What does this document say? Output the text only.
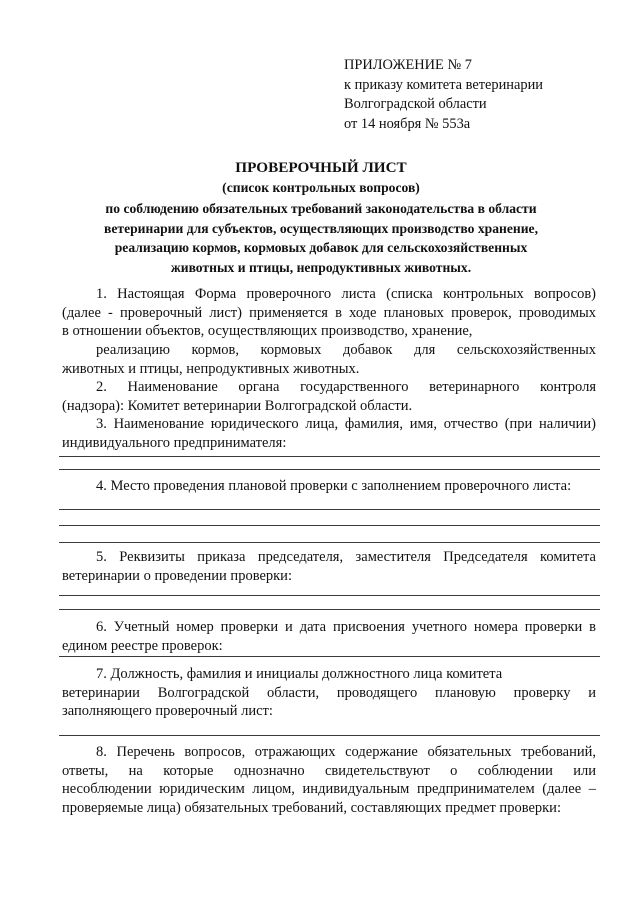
ПРИЛОЖЕНИЕ № 7
к приказу комитета ветеринарии
Волгоградской области
от 14 ноября № 553а
ПРОВЕРОЧНЫЙ ЛИСТ
(список контрольных вопросов)
по соблюдению обязательных требований законодательства в области
ветеринарии для субъектов, осуществляющих производство хранение,
реализацию кормов, кормовых добавок для сельскохозяйственных
животных и птицы, непродуктивных животных.
1. Настоящая Форма проверочного листа (списка контрольных вопросов)
(далее - проверочный лист) применяется в ходе плановых проверок, проводимых
в отношении объектов, осуществляющих производство, хранение,
реализацию кормов, кормовых добавок для сельскохозяйственных
животных и птицы, непродуктивных животных.
2. Наименование органа государственного ветеринарного контроля
(надзора): Комитет ветеринарии Волгоградской области.
3. Наименование юридического лица, фамилия, имя, отчество (при наличии)
индивидуального предпринимателя:
4. Место проведения плановой проверки с заполнением проверочного листа:
5. Реквизиты приказа председателя, заместителя Председателя комитета
ветеринарии о проведении проверки:
6. Учетный номер проверки и дата присвоения учетного номера проверки в
едином реестре проверок:
7. Должность, фамилия и инициалы должностного лица комитета
ветеринарии Волгоградской области, проводящего плановую проверку и
заполняющего проверочный лист:
8. Перечень вопросов, отражающих содержание обязательных требований,
ответы, на которые однозначно свидетельствуют о соблюдении или
несоблюдении юридическим лицом, индивидуальным предпринимателем (далее –
проверяемые лица) обязательных требований, составляющих предмет проверки:
